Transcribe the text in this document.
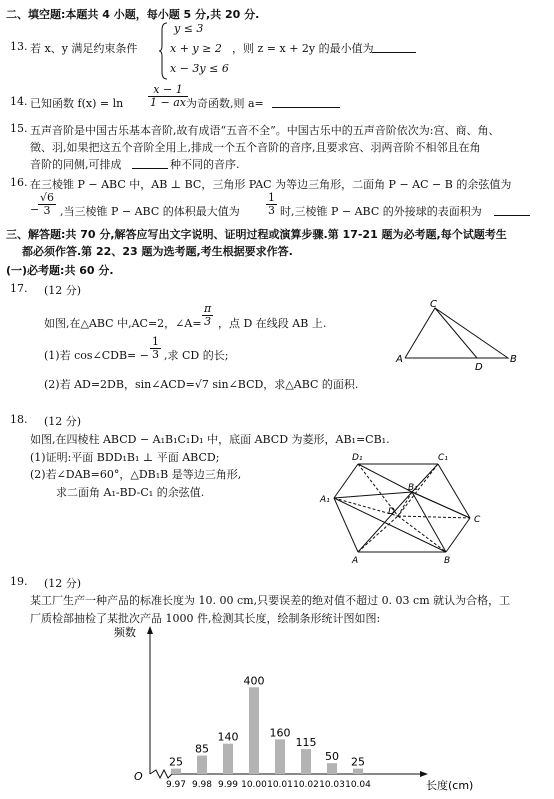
二、填空题:本题共 4 小题，每小题 5 分,共 20 分.
13. 若 x、y 满足约束条件
y ≤ 3
x + y ≥ 2
x − 3y ≤ 6
，则 z = x + 2y 的最小值为
14. 已知函数 $f(x) = \ln \frac{x - 1}{1 - ax}$
为奇函数,则 a=
15. 五声音阶是中国古乐基本音阶,故有成语“五音不全”。中国古乐中的五声音阶依次为:宫、商、角、
徵、羽,如果把这五个音阶全用上,排成一个五个音阶的音序,且要求宫、羽两音阶不相邻且在角
音阶的同侧,可排成	种不同的音序.
16. 在三棱锥 P − ABC 中，AB ⊥ BC，三角形 PAC 为等边三角形，二面角 P − AC − B 的余弦值为
−
$\frac{√6}{3}$ ,当三棱锥 P − ABC 的体积最大值为 $\frac{1}{3}$ 时,三棱锥 P − ABC 的外接球的表面积为
三、解答题:共 70 分,解答应写出文字说明、证明过程或演算步骤.第 17-21 题为必考题,每个试题考生
都必须作答.第 22、23 题为选考题,考生根据要求作答.
(一)必考题:共 60 分.
17. (12 分)
如图,在△ABC 中,AC=2，∠A= $\frac{\pi}{3}$ ，点 D 在线段 AB 上.
(1)若 cos∠CDB= − $\frac{1}{3}$ ,求 CD 的长;
(2)若 AD=2DB，sin∠ACD=√7 sin∠BCD，求△ABC 的面积.
A	B
C
D
18. (12 分)
如图,在四棱柱 ABCD − A₁B₁C₁D₁ 中，底面 ABCD 为菱形，AB₁=CB₁.
(1)证明:平面 BDD₁B₁ ⊥ 平面 ABCD;
(2)若∠DAB=60°，△DB₁B 是等边三角形,
求二面角 A₁-BD-C₁ 的余弦值.
D₁	C₁
A₁
B₁
D
C
A	B
19. (12 分)
某工厂生产一种产品的标准长度为 10. 00 cm,只要误差的绝对值不超过 0. 03 cm 就认为合格，工
厂质检部抽检了某批次产品 1000 件,检测其长度，绘制条形统计图如图:
频数
O
长度(cm)
25
9.97
85
9.98
140
9.99
400
10.00
160
10.01
115
10.02
50
10.03
25
10.04
